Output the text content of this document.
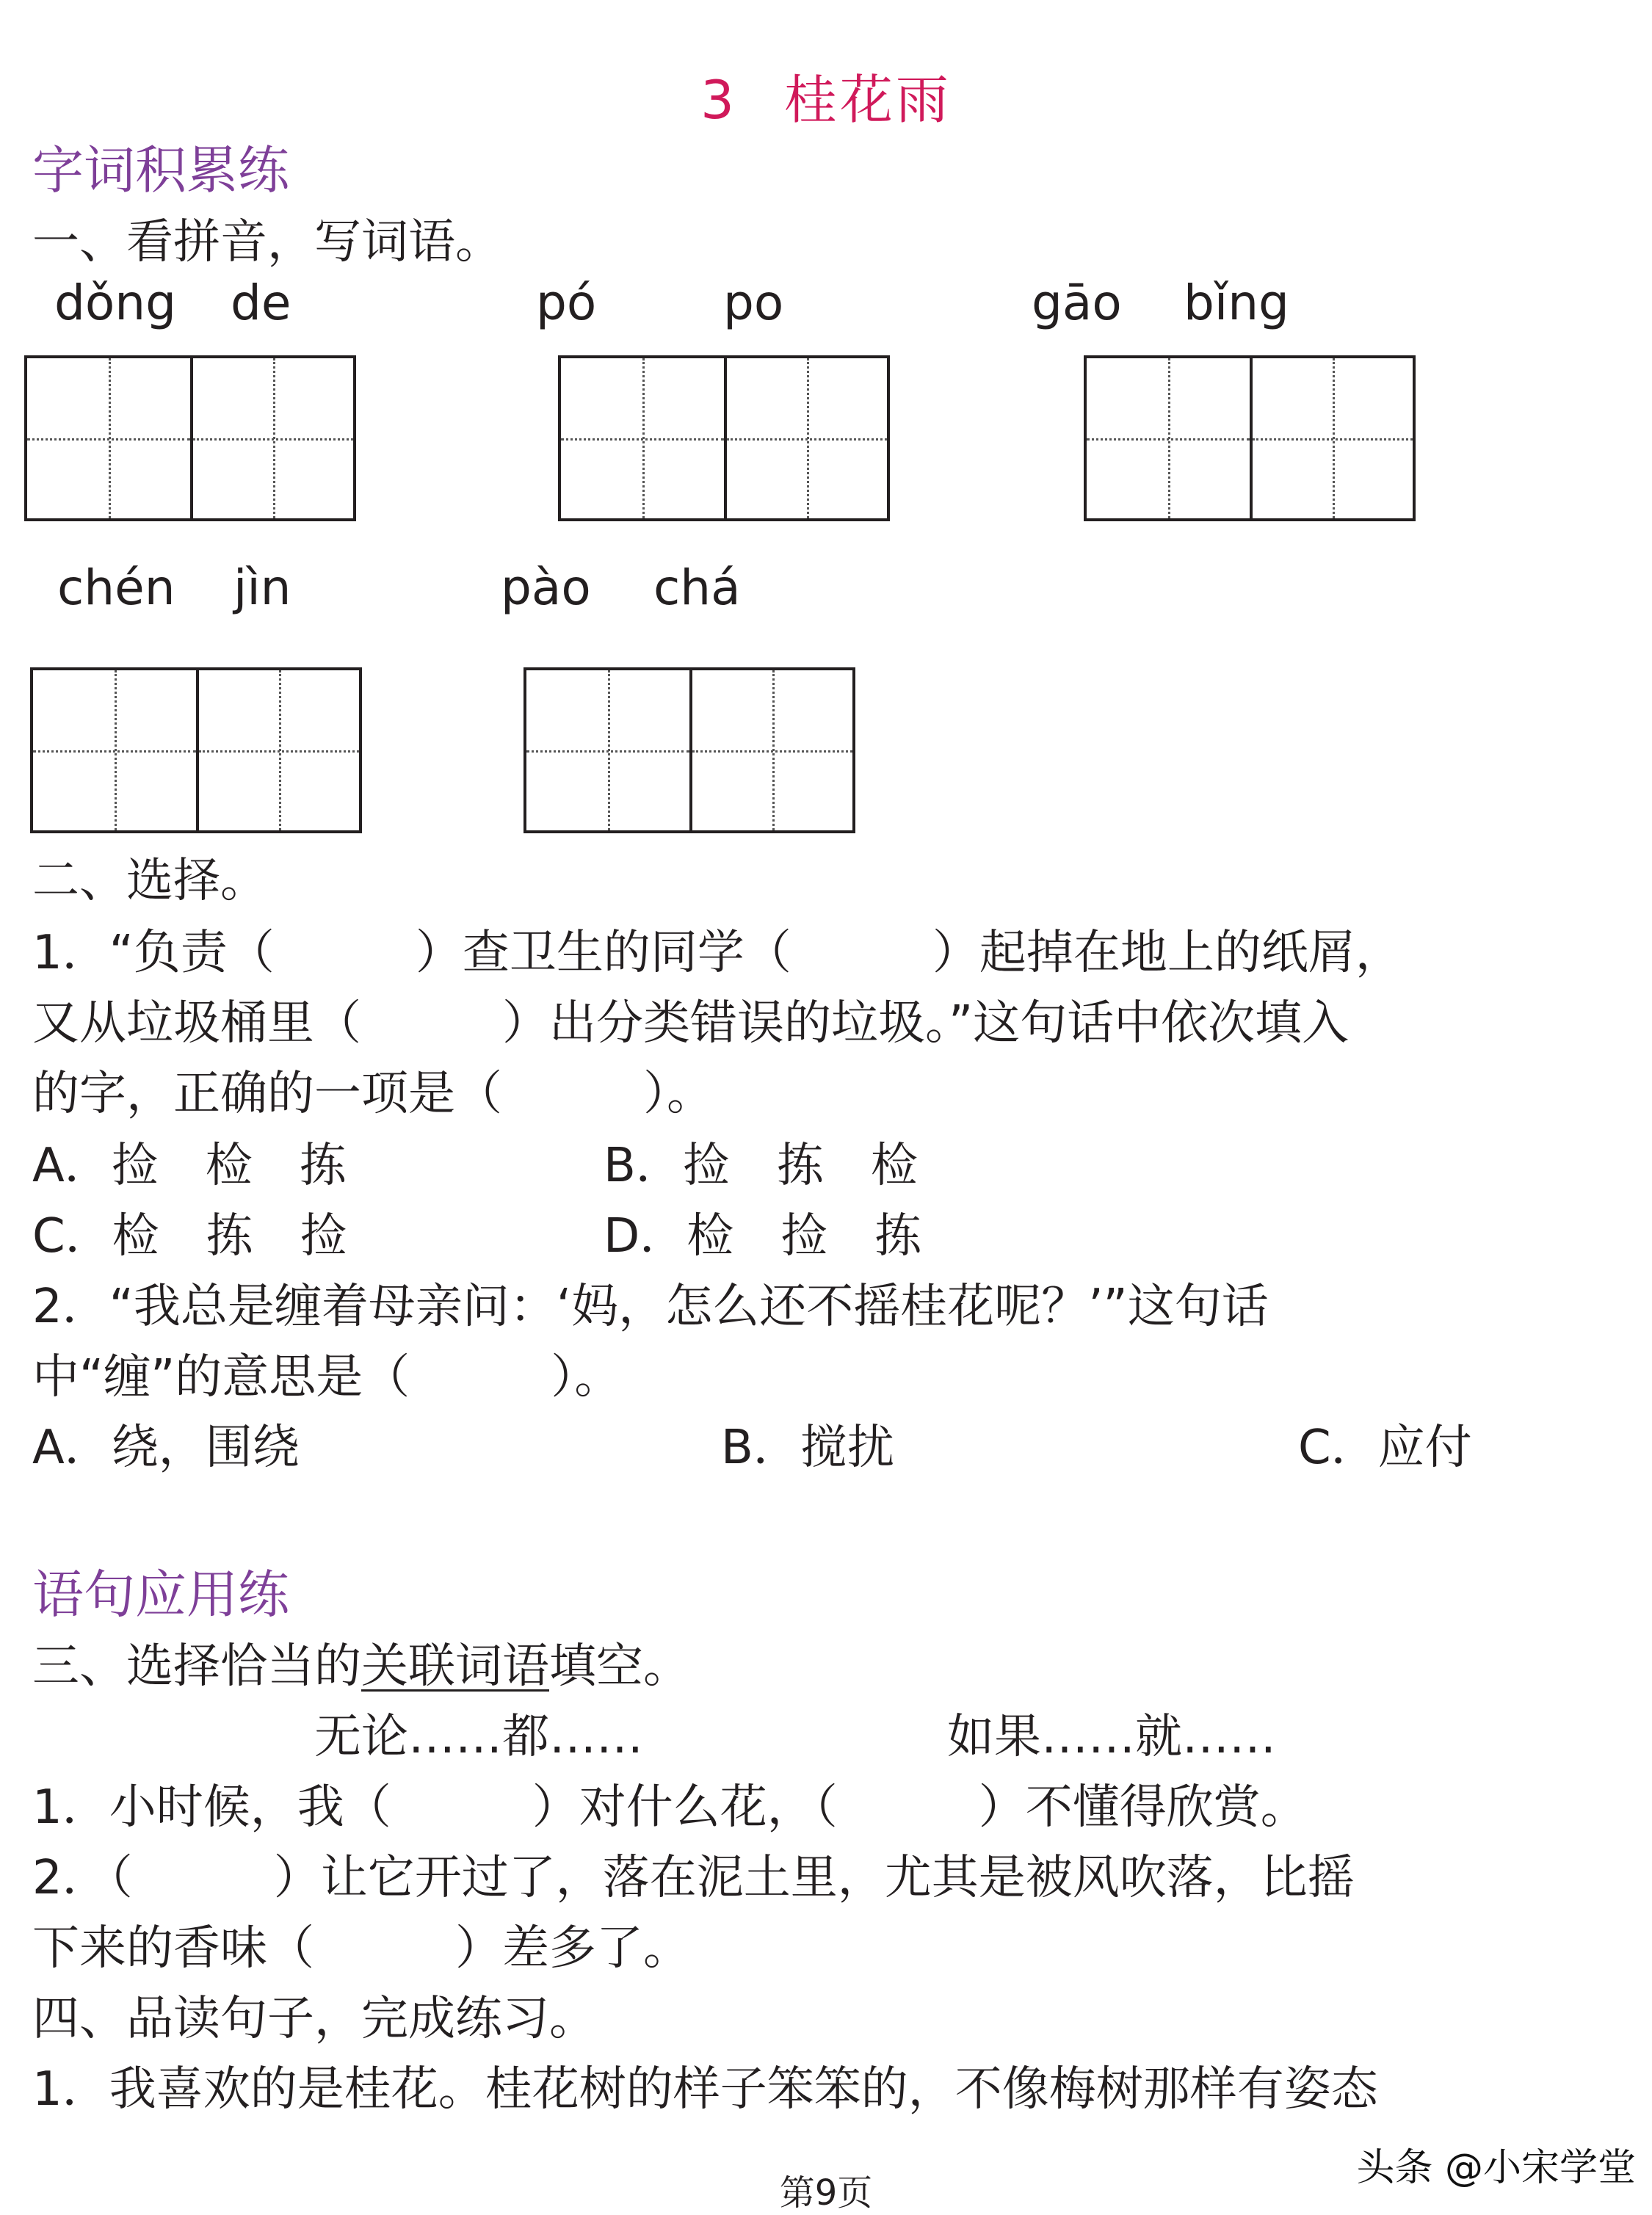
3 桂花雨
字词积累练
一、看拼音，写词语。
dǒng de	pó	po	gāo bǐng
chén jìn	pào chá
二、选择。
1．“负责（　　　）查卫生的同学（　　　）起掉在地上的纸屑，
又从垃圾桶里（　　　）出分类错误的垃圾。”这句话中依次填入
的字，正确的一项是（　　　）。
A．捡　检　拣	B．捡　拣　检
C．检　拣　捡	D．检　捡　拣
2．“我总是缠着母亲问：‘妈，怎么还不摇桂花呢？’”这句话
中“缠”的意思是（　　　）。
A．绕，围绕	B．搅扰	C．应付
语句应用练
三、选择恰当的关联词语填空。
无论……都……	如果……就……
1．小时候，我（　　　）对什么花，（　　　）不懂得欣赏。
2．（　　　）让它开过了，落在泥土里，尤其是被风吹落，比摇
下来的香味（　　　）差多了。
四、品读句子，完成练习。
1．我喜欢的是桂花。桂花树的样子笨笨的，不像梅树那样有姿态
第9页
头条 @小宋学堂
